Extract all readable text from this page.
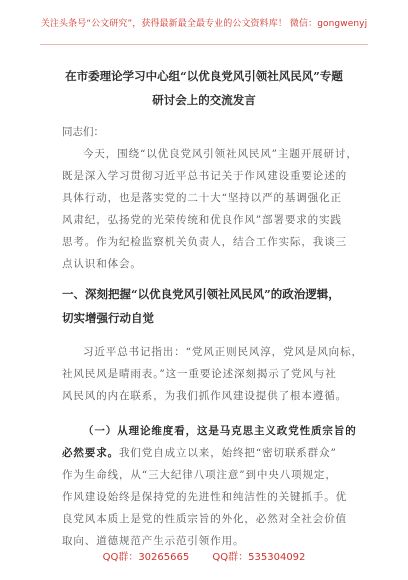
关注头条号“公文研究”，获得最新最全最专业的公文资料库！ 微信：gongwenyj
在市委理论学习中心组“以优良党风引领社风民风”专题
研讨会上的交流发言
同志们：
今天，围绕“以优良党风引领社风民风”主题开展研讨，
既是深入学习贯彻习近平总书记关于作风建设重要论述的
具体行动，也是落实党的二十大“坚持以严的基调强化正
风肃纪，弘扬党的光荣传统和优良作风”部署要求的实践
思考。作为纪检监察机关负责人，结合工作实际，我谈三
点认识和体会。
一、深刻把握“以优良党风引领社风民风”的政治逻辑，
切实增强行动自觉
习近平总书记指出：“党风正则民风淳，党风是风向标，
社风民风是晴雨表。”这一重要论述深刻揭示了党风与社
风民风的内在联系，为我们抓作风建设提供了根本遵循。
（一）从理论维度看，这是马克思主义政党性质宗旨的
必然要求。我们党自成立以来，始终把“密切联系群众”
作为生命线，从“三大纪律八项注意”到中央八项规定，
作风建设始终是保持党的先进性和纯洁性的关键抓手。优
良党风本质上是党的性质宗旨的外化，必然对全社会价值
取向、道德规范产生示范引领作用。
QQ群：30265665 QQ群：535304092
